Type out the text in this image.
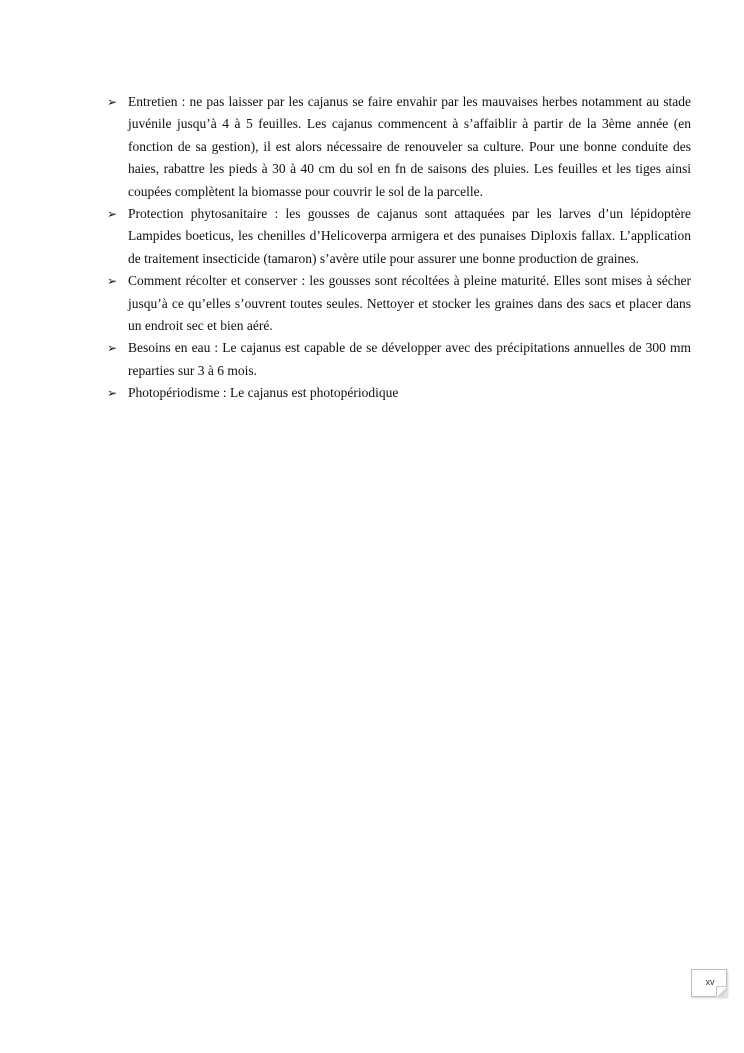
➢ Entretien : ne pas laisser par les cajanus se faire envahir par les mauvaises herbes notamment au stade juvénile jusqu’à 4 à 5 feuilles. Les cajanus commencent à s’affaiblir à partir de la 3ème année (en fonction de sa gestion), il est alors nécessaire de renouveler sa culture. Pour une bonne conduite des haies, rabattre les pieds à 30 à 40 cm du sol en fn de saisons des pluies. Les feuilles et les tiges ainsi coupées complètent la biomasse pour couvrir le sol de la parcelle.
➢ Protection phytosanitaire : les gousses de cajanus sont attaquées par les larves d’un lépidoptère Lampides boeticus, les chenilles d’Helicoverpa armigera et des punaises Diploxis fallax. L’application de traitement insecticide (tamaron) s’avère utile pour assurer une bonne production de graines.
➢ Comment récolter et conserver : les gousses sont récoltées à pleine maturité. Elles sont mises à sécher jusqu’à ce qu’elles s’ouvrent toutes seules. Nettoyer et stocker les graines dans des sacs et placer dans un endroit sec et bien aéré.
➢ Besoins en eau : Le cajanus est capable de se développer avec des précipitations annuelles de 300 mm reparties sur 3 à 6 mois.
➢ Photopériodisme : Le cajanus est photopériodique
xv
